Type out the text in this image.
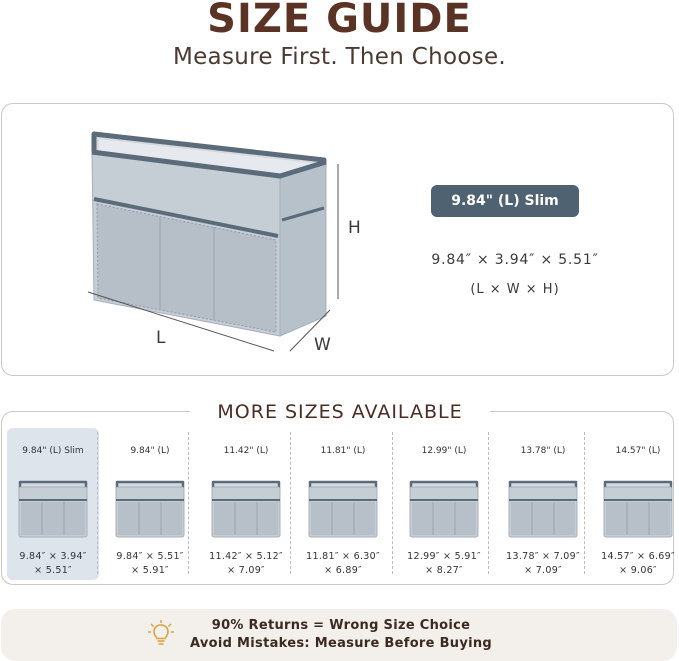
SIZE GUIDE
Measure First. Then Choose.
H
L	W
9.84" (L) Slim
9.84″ × 3.94″ × 5.51″
(L × W × H)
MORE SIZES AVAILABLE
9.84" (L) Slim
9.84″ × 3.94″
× 5.51″
9.84" (L)
9.84″ × 5.51″
× 5.91″
11.42" (L)
11.42″ × 5.12″
× 7.09″
11.81" (L)
11.81″ × 6.30″
× 6.89″
12.99" (L)
12.99″ × 5.91″
× 8.27″
13.78" (L)
13.78″ × 7.09″
× 7.09″
14.57" (L)
14.57″ × 6.69″
× 9.06″
90% Returns = Wrong Size Choice
Avoid Mistakes: Measure Before Buying
